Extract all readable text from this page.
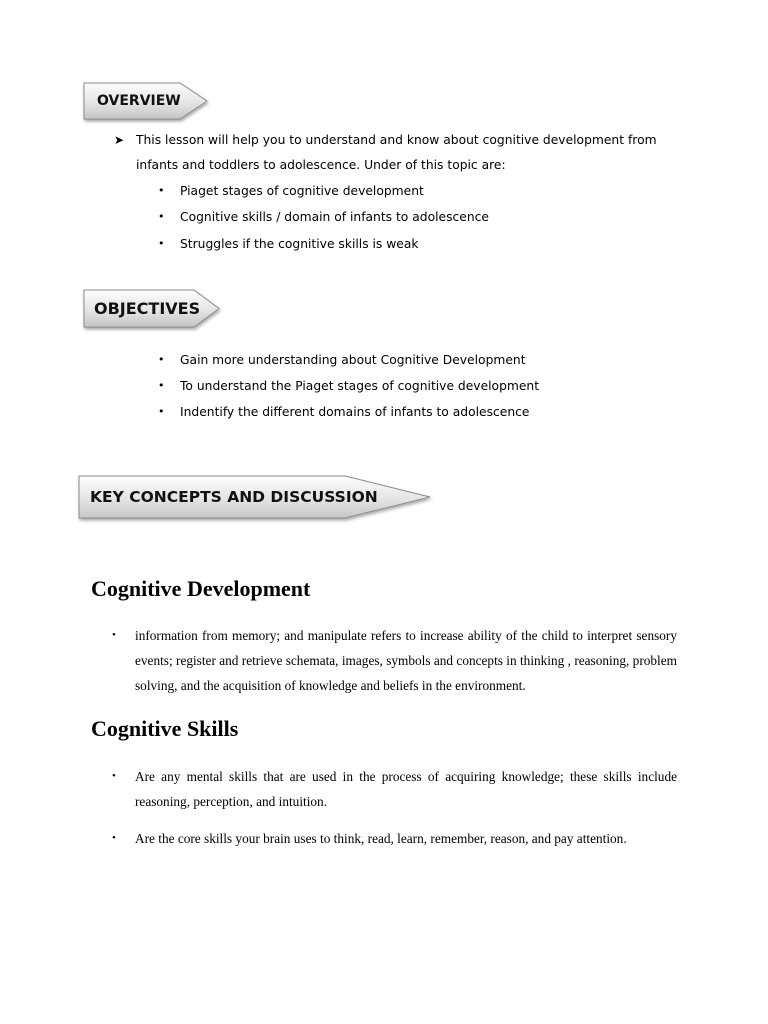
OVERVIEW
➤ This lesson will help you to understand and know about cognitive development from infants and toddlers to adolescence. Under of this topic are:
• Piaget stages of cognitive development
• Cognitive skills / domain of infants to adolescence
• Struggles if the cognitive skills is weak
OBJECTIVES
• Gain more understanding about Cognitive Development
• To understand the Piaget stages of cognitive development
• Indentify the different domains of infants to adolescence
KEY CONCEPTS AND DISCUSSION
Cognitive Development
• information from memory; and manipulate refers to increase ability of the child to interpret sensory events; register and retrieve schemata, images, symbols and concepts in thinking , reasoning, problem solving, and the acquisition of knowledge and beliefs in the environment.
Cognitive Skills
• Are any mental skills that are used in the process of acquiring knowledge; these skills include reasoning, perception, and intuition.
• Are the core skills your brain uses to think, read, learn, remember, reason, and pay attention.
